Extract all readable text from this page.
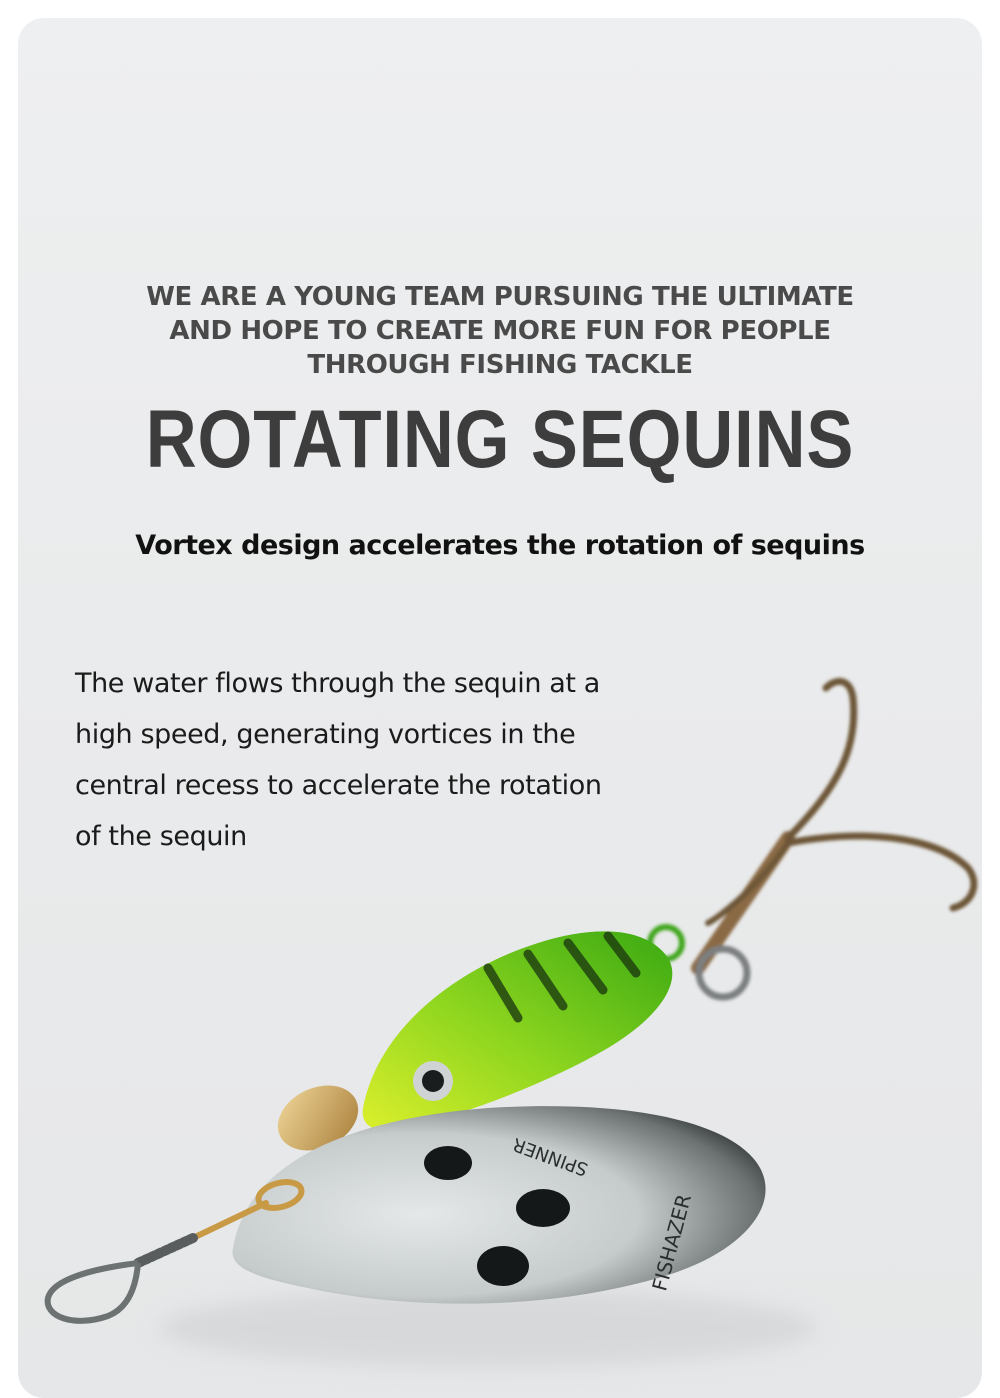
WE ARE A YOUNG TEAM PURSUING THE ULTIMATE
AND HOPE TO CREATE MORE FUN FOR PEOPLE
THROUGH FISHING TACKLE
ROTATING SEQUINS
Vortex design accelerates the rotation of sequins
The water flows through the sequin at a
high speed, generating vortices in the
central recess to accelerate the rotation
of the sequin
SPINNER
FISHAZER
